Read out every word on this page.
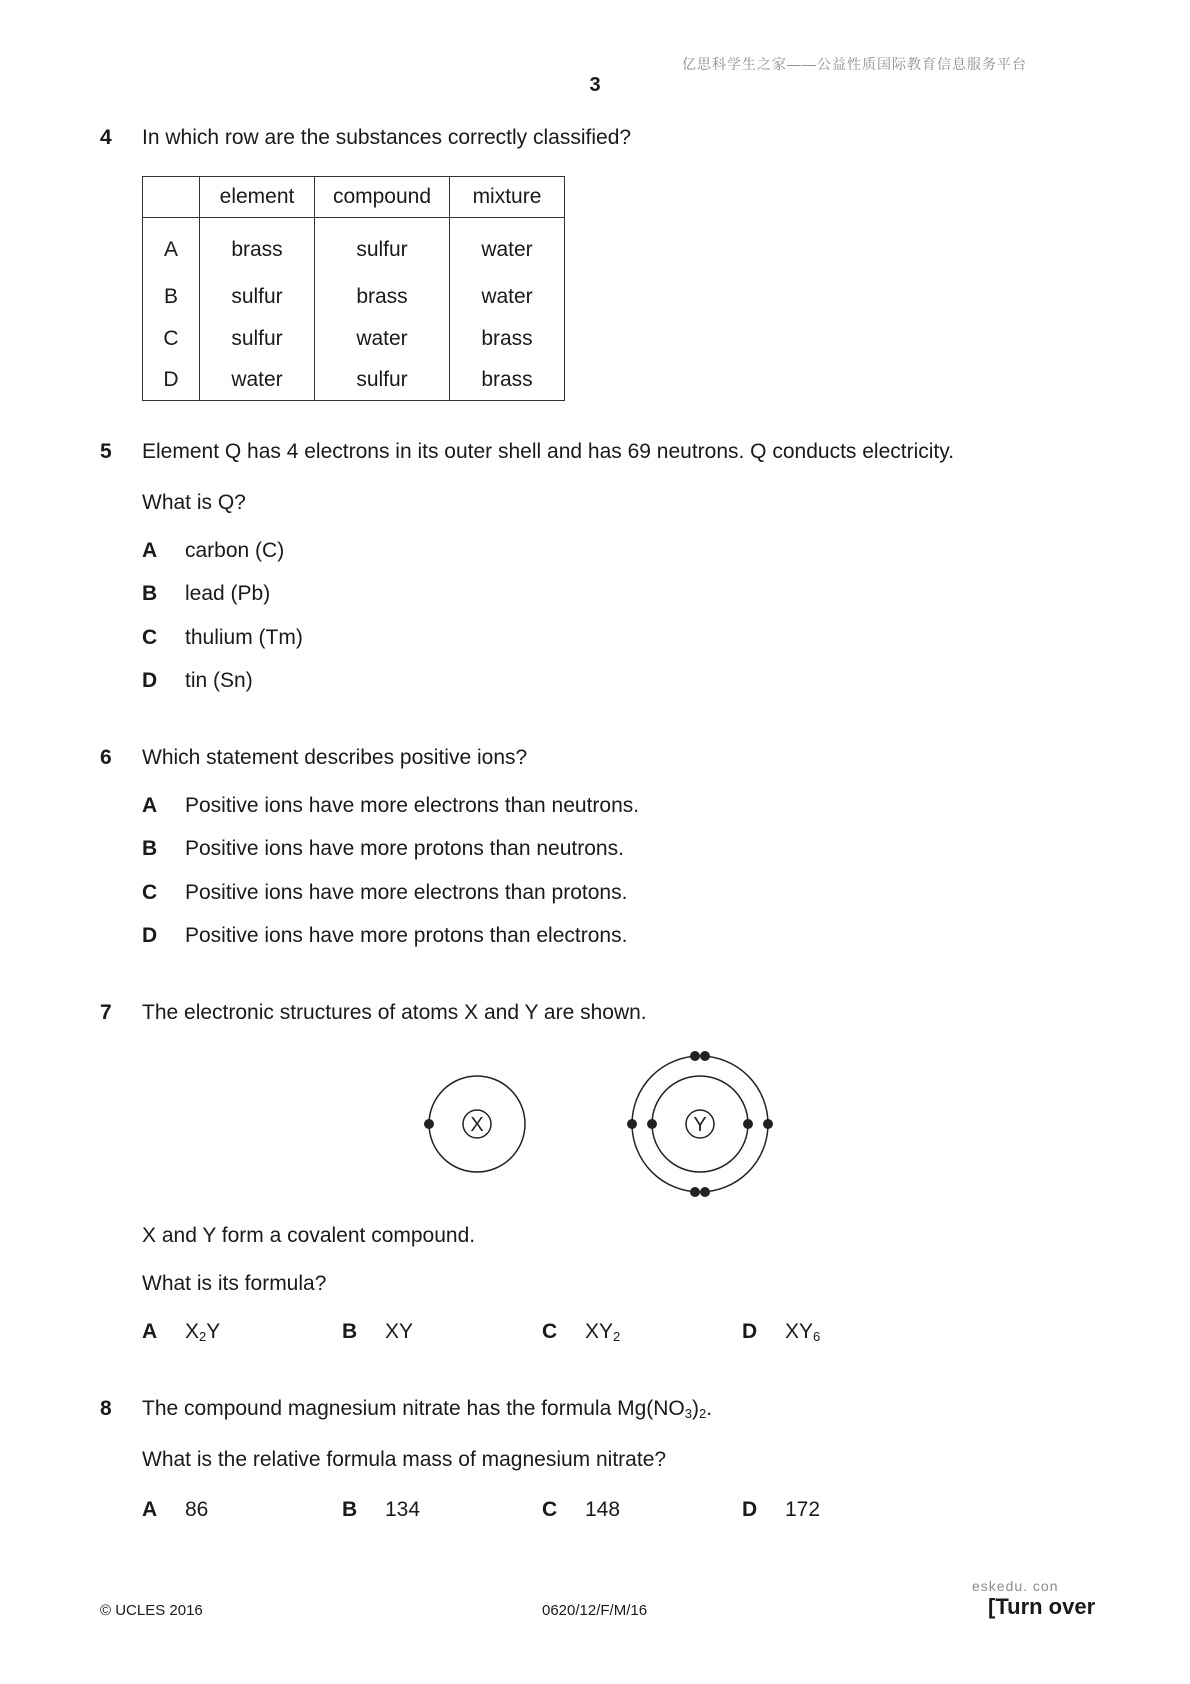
亿思科学生之家——公益性质国际教育信息服务平台
3
4 In which row are the substances correctly classified?
	element	compound	mixture
A	brass	sulfur	water
B	sulfur	brass	water
C	sulfur	water	brass
D	water	sulfur	brass
5 Element Q has 4 electrons in its outer shell and has 69 neutrons. Q conducts electricity.
What is Q?
A carbon (C)
B lead (Pb)
C thulium (Tm)
D tin (Sn)
6 Which statement describes positive ions?
A Positive ions have more electrons than neutrons.
B Positive ions have more protons than neutrons.
C Positive ions have more electrons than protons.
D Positive ions have more protons than electrons.
7 The electronic structures of atoms X and Y are shown.
X	Y
X and Y form a covalent compound.
What is its formula?
A $X_2Y$	B XY	C $XY_2$	D $XY_6$
8 The compound magnesium nitrate has the formula $Mg(NO_3)_2$.
What is the relative formula mass of magnesium nitrate?
A 86	B 134	C 148	D 172
© UCLES 2016	0620/12/F/M/16
eskedu. con
[Turn over
